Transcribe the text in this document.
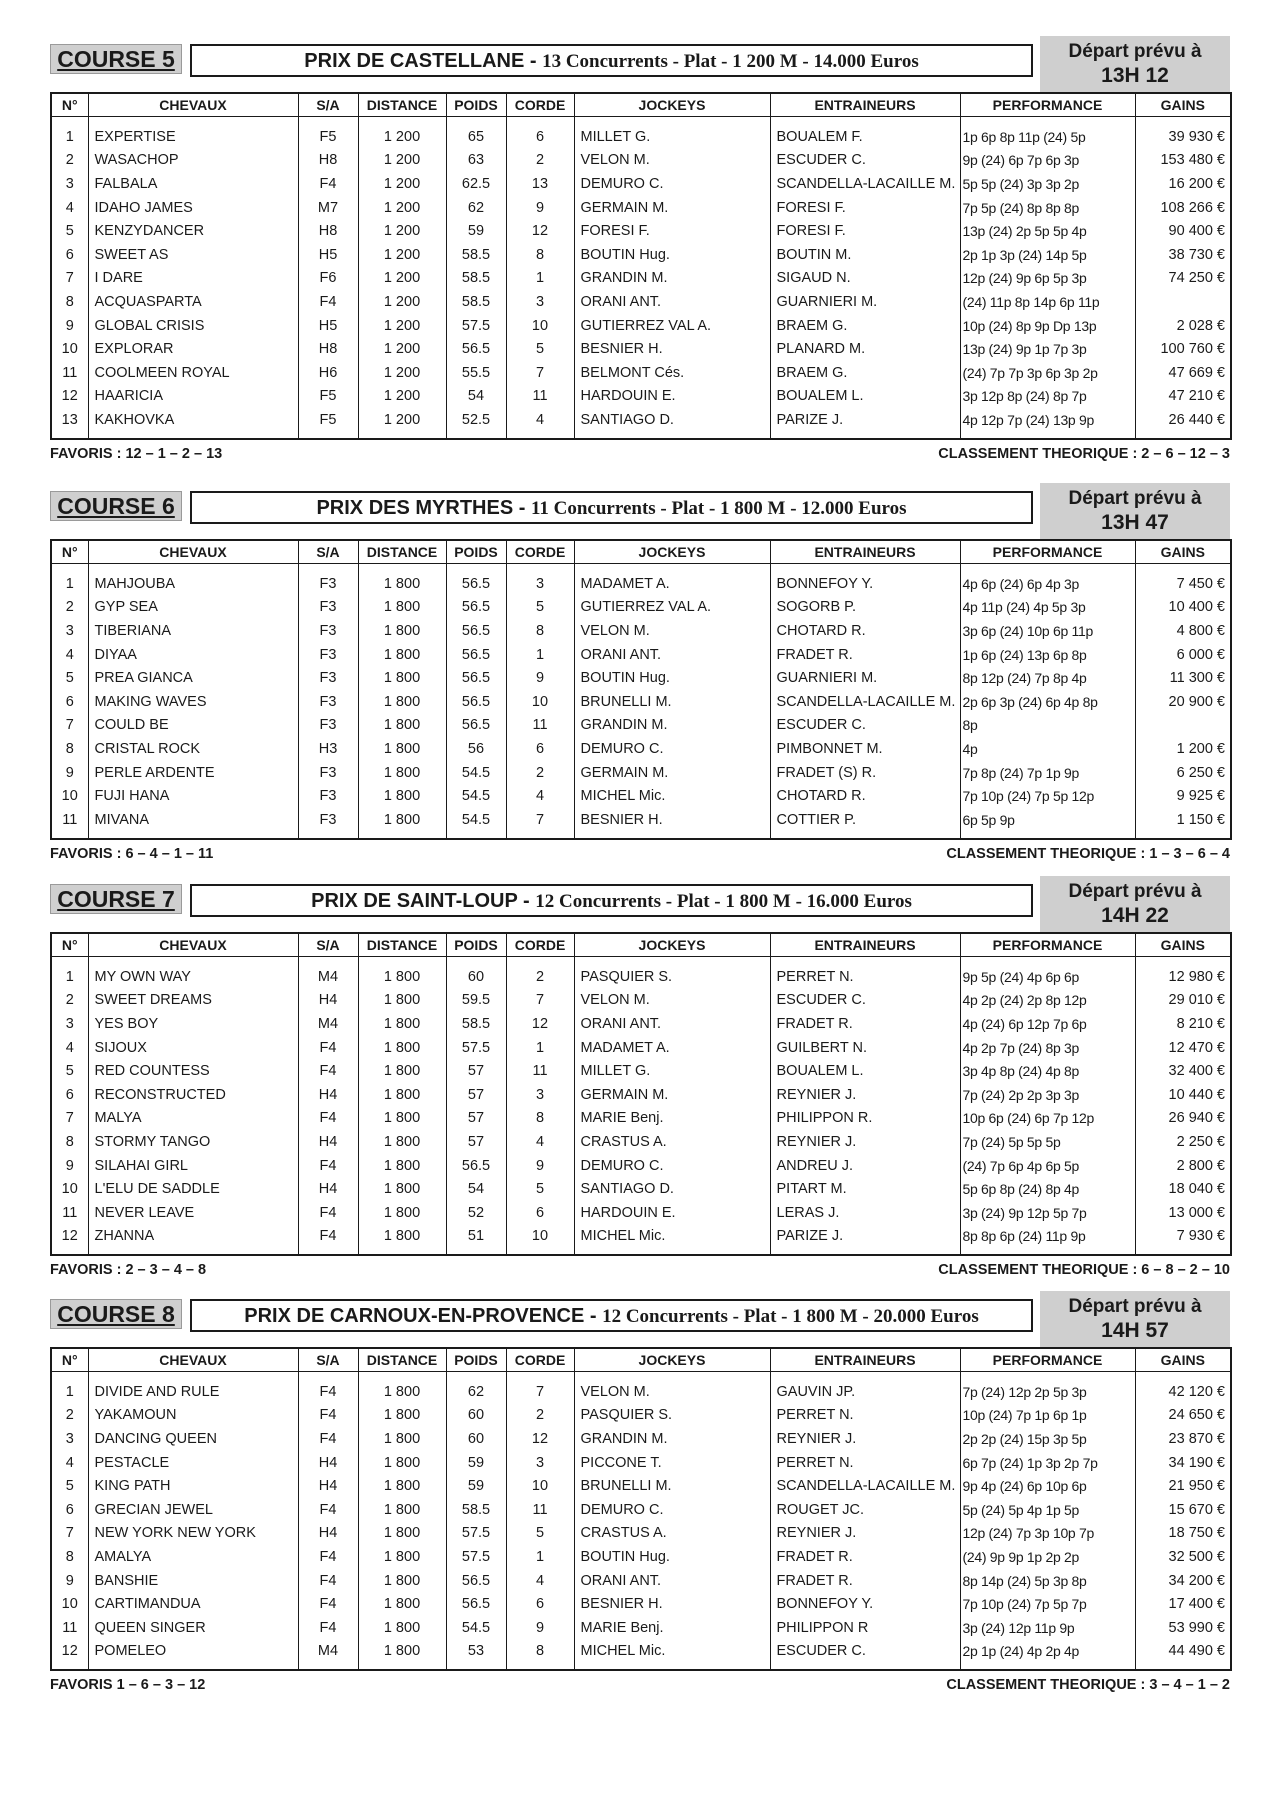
COURSE 5	PRIX DE CASTELLANE - 13 Concurrents - Plat - 1 200 M - 14.000 Euros	Départ prévu à
13H 12
N°	CHEVAUX	S/A	DISTANCE	POIDS	CORDE	JOCKEYS	ENTRAINEURS	PERFORMANCE	GAINS
1	EXPERTISE	F5	1 200	65	6	MILLET G.	BOUALEM F.	1p 6p 8p 11p (24) 5p	39 930 €
2	WASACHOP	H8	1 200	63	2	VELON M.	ESCUDER C.	9p (24) 6p 7p 6p 3p	153 480 €
3	FALBALA	F4	1 200	62.5	13	DEMURO C.	SCANDELLA-LACAILLE M.	5p 5p (24) 3p 3p 2p	16 200 €
4	IDAHO JAMES	M7	1 200	62	9	GERMAIN M.	FORESI F.	7p 5p (24) 8p 8p 8p	108 266 €
5	KENZYDANCER	H8	1 200	59	12	FORESI F.	FORESI F.	13p (24) 2p 5p 5p 4p	90 400 €
6	SWEET AS	H5	1 200	58.5	8	BOUTIN Hug.	BOUTIN M.	2p 1p 3p (24) 14p 5p	38 730 €
7	I DARE	F6	1 200	58.5	1	GRANDIN M.	SIGAUD N.	12p (24) 9p 6p 5p 3p	74 250 €
8	ACQUASPARTA	F4	1 200	58.5	3	ORANI ANT.	GUARNIERI M.	(24) 11p 8p 14p 6p 11p	
9	GLOBAL CRISIS	H5	1 200	57.5	10	GUTIERREZ VAL A.	BRAEM G.	10p (24) 8p 9p Dp 13p	2 028 €
10	EXPLORAR	H8	1 200	56.5	5	BESNIER H.	PLANARD M.	13p (24) 9p 1p 7p 3p	100 760 €
11	COOLMEEN ROYAL	H6	1 200	55.5	7	BELMONT Cés.	BRAEM G.	(24) 7p 7p 3p 6p 3p 2p	47 669 €
12	HAARICIA	F5	1 200	54	11	HARDOUIN E.	BOUALEM L.	3p 12p 8p (24) 8p 7p	47 210 €
13	KAKHOVKA	F5	1 200	52.5	4	SANTIAGO D.	PARIZE J.	4p 12p 7p (24) 13p 9p	26 440 €
FAVORIS : 12 – 1 – 2 – 13	CLASSEMENT THEORIQUE : 2 – 6 – 12 – 3
COURSE 6	PRIX DES MYRTHES - 11 Concurrents - Plat - 1 800 M - 12.000 Euros	Départ prévu à
13H 47
N°	CHEVAUX	S/A	DISTANCE	POIDS	CORDE	JOCKEYS	ENTRAINEURS	PERFORMANCE	GAINS
1	MAHJOUBA	F3	1 800	56.5	3	MADAMET A.	BONNEFOY Y.	4p 6p (24) 6p 4p 3p	7 450 €
2	GYP SEA	F3	1 800	56.5	5	GUTIERREZ VAL A.	SOGORB P.	4p 11p (24) 4p 5p 3p	10 400 €
3	TIBERIANA	F3	1 800	56.5	8	VELON M.	CHOTARD R.	3p 6p (24) 10p 6p 11p	4 800 €
4	DIYAA	F3	1 800	56.5	1	ORANI ANT.	FRADET R.	1p 6p (24) 13p 6p 8p	6 000 €
5	PREA GIANCA	F3	1 800	56.5	9	BOUTIN Hug.	GUARNIERI M.	8p 12p (24) 7p 8p 4p	11 300 €
6	MAKING WAVES	F3	1 800	56.5	10	BRUNELLI M.	SCANDELLA-LACAILLE M.	2p 6p 3p (24) 6p 4p 8p	20 900 €
7	COULD BE	F3	1 800	56.5	11	GRANDIN M.	ESCUDER C.	8p	
8	CRISTAL ROCK	H3	1 800	56	6	DEMURO C.	PIMBONNET M.	4p	1 200 €
9	PERLE ARDENTE	F3	1 800	54.5	2	GERMAIN M.	FRADET (S) R.	7p 8p (24) 7p 1p 9p	6 250 €
10	FUJI HANA	F3	1 800	54.5	4	MICHEL Mic.	CHOTARD R.	7p 10p (24) 7p 5p 12p	9 925 €
11	MIVANA	F3	1 800	54.5	7	BESNIER H.	COTTIER P.	6p 5p 9p	1 150 €
FAVORIS : 6 – 4 – 1 – 11	CLASSEMENT THEORIQUE : 1 – 3 – 6 – 4
COURSE 7	PRIX DE SAINT-LOUP - 12 Concurrents - Plat - 1 800 M - 16.000 Euros	Départ prévu à
14H 22
N°	CHEVAUX	S/A	DISTANCE	POIDS	CORDE	JOCKEYS	ENTRAINEURS	PERFORMANCE	GAINS
1	MY OWN WAY	M4	1 800	60	2	PASQUIER S.	PERRET N.	9p 5p (24) 4p 6p 6p	12 980 €
2	SWEET DREAMS	H4	1 800	59.5	7	VELON M.	ESCUDER C.	4p 2p (24) 2p 8p 12p	29 010 €
3	YES BOY	M4	1 800	58.5	12	ORANI ANT.	FRADET R.	4p (24) 6p 12p 7p 6p	8 210 €
4	SIJOUX	F4	1 800	57.5	1	MADAMET A.	GUILBERT N.	4p 2p 7p (24) 8p 3p	12 470 €
5	RED COUNTESS	F4	1 800	57	11	MILLET G.	BOUALEM L.	3p 4p 8p (24) 4p 8p	32 400 €
6	RECONSTRUCTED	H4	1 800	57	3	GERMAIN M.	REYNIER J.	7p (24) 2p 2p 3p 3p	10 440 €
7	MALYA	F4	1 800	57	8	MARIE Benj.	PHILIPPON R.	10p 6p (24) 6p 7p 12p	26 940 €
8	STORMY TANGO	H4	1 800	57	4	CRASTUS A.	REYNIER J.	7p (24) 5p 5p 5p	2 250 €
9	SILAHAI GIRL	F4	1 800	56.5	9	DEMURO C.	ANDREU J.	(24) 7p 6p 4p 6p 5p	2 800 €
10	L'ELU DE SADDLE	H4	1 800	54	5	SANTIAGO D.	PITART M.	5p 6p 8p (24) 8p 4p	18 040 €
11	NEVER LEAVE	F4	1 800	52	6	HARDOUIN E.	LERAS J.	3p (24) 9p 12p 5p 7p	13 000 €
12	ZHANNA	F4	1 800	51	10	MICHEL Mic.	PARIZE J.	8p 8p 6p (24) 11p 9p	7 930 €
FAVORIS : 2 – 3 – 4 – 8	CLASSEMENT THEORIQUE : 6 – 8 – 2 – 10
COURSE 8	PRIX DE CARNOUX-EN-PROVENCE - 12 Concurrents - Plat - 1 800 M - 20.000 Euros	Départ prévu à
14H 57
N°	CHEVAUX	S/A	DISTANCE	POIDS	CORDE	JOCKEYS	ENTRAINEURS	PERFORMANCE	GAINS
1	DIVIDE AND RULE	F4	1 800	62	7	VELON M.	GAUVIN JP.	7p (24) 12p 2p 5p 3p	42 120 €
2	YAKAMOUN	F4	1 800	60	2	PASQUIER S.	PERRET N.	10p (24) 7p 1p 6p 1p	24 650 €
3	DANCING QUEEN	F4	1 800	60	12	GRANDIN M.	REYNIER J.	2p 2p (24) 15p 3p 5p	23 870 €
4	PESTACLE	H4	1 800	59	3	PICCONE T.	PERRET N.	6p 7p (24) 1p 3p 2p 7p	34 190 €
5	KING PATH	H4	1 800	59	10	BRUNELLI M.	SCANDELLA-LACAILLE M.	9p 4p (24) 6p 10p 6p	21 950 €
6	GRECIAN JEWEL	F4	1 800	58.5	11	DEMURO C.	ROUGET JC.	5p (24) 5p 4p 1p 5p	15 670 €
7	NEW YORK NEW YORK	H4	1 800	57.5	5	CRASTUS A.	REYNIER J.	12p (24) 7p 3p 10p 7p	18 750 €
8	AMALYA	F4	1 800	57.5	1	BOUTIN Hug.	FRADET R.	(24) 9p 9p 1p 2p 2p	32 500 €
9	BANSHIE	F4	1 800	56.5	4	ORANI ANT.	FRADET R.	8p 14p (24) 5p 3p 8p	34 200 €
10	CARTIMANDUA	F4	1 800	56.5	6	BESNIER H.	BONNEFOY Y.	7p 10p (24) 7p 5p 7p	17 400 €
11	QUEEN SINGER	F4	1 800	54.5	9	MARIE Benj.	PHILIPPON R	3p (24) 12p 11p 9p	53 990 €
12	POMELEO	M4	1 800	53	8	MICHEL Mic.	ESCUDER C.	2p 1p (24) 4p 2p 4p	44 490 €
FAVORIS 1 – 6 – 3 – 12	CLASSEMENT THEORIQUE : 3 – 4 – 1 – 2
